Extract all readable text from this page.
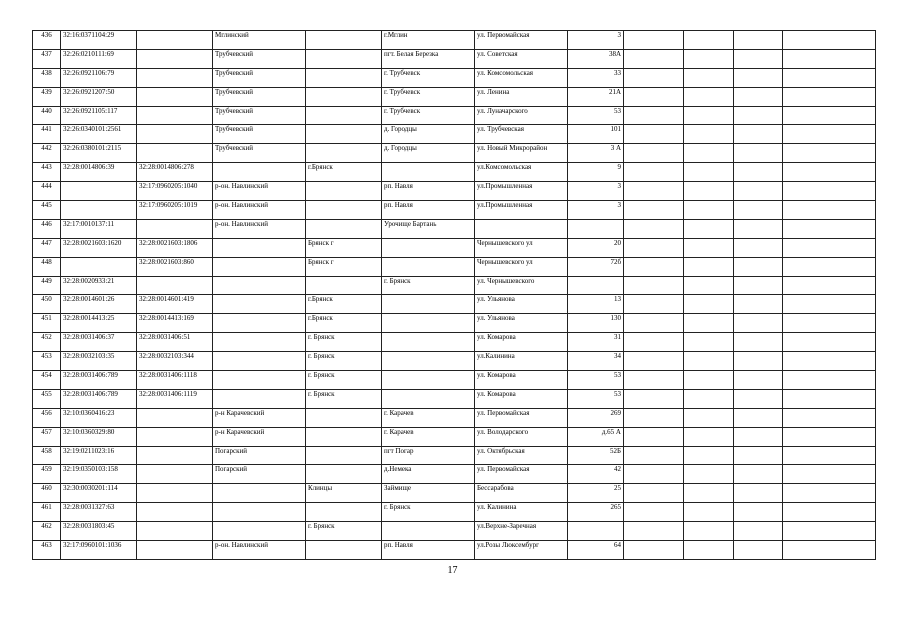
436	32:16:0371104:29		Мглинский		г.Мглин	ул. Первомайская	3				
437	32:26:0210111:69		Трубчевский		пгт. Белая Березка	ул. Советская	38А				
438	32:26:0921106:79		Трубчевский		г. Трубчевск	ул. Комсомольская	33				
439	32:26:0921207:50		Трубчевский		г. Трубчевск	ул. Ленина	21А				
440	32:26:0921105:117		Трубчевский		г. Трубчевск	ул. Луначарского	53				
441	32:26:0340101:2561		Трубчевский		д. Городцы	ул. Трубчевская	101				
442	32:26:0380101:2115		Трубчевский		д. Городцы	ул. Новый Микрорайон	3 А				
443	32:28:0014806:39	32:28:0014806:278		г.Брянск		ул.Комсомольская	9				
444		32:17:0960205:1040	р-он. Навлинский		рп. Навля	ул.Промышленная	3				
445		32:17:0960205:1019	р-он. Навлинский		рп. Навля	ул.Промышленная	3				
446	32:17:0010137:11		р-он. Навлинский		Урочище Бартань						
447	32:28:0021603:1620	32:28:0021603:1806		Брянск г		Чернышевского ул	20				
448		32:28:0021603:860		Брянск г		Чернышевского ул	72б				
449	32:28:0020933:21				г. Брянск	ул. Чернышевского					
450	32:28:0014601:26	32:28:0014601:419		г.Брянск		ул. Ульянова	13				
451	32:28:0014413:25	32:28:0014413:169		г.Брянск		ул. Ульянова	130				
452	32:28:0031406:37	32:28:0031406:51		г. Брянск		ул. Комарова	31				
453	32:28:0032103:35	32:28:0032103:344		г. Брянск		ул.Калинина	34				
454	32:28:0031406:789	32:28:0031406:1118		г. Брянск		ул. Комарова	53				
455	32:28:0031406:789	32:28:0031406:1119		г. Брянск		ул. Комарова	53				
456	32:10:0360416:23		р-н Карачевский		г. Карачев	ул. Первомайская	269				
457	32:10:0360329:80		р-н Карачевский		г. Карачев	ул. Володарского	д.65 А				
458	32:19:0211023:16		Погарский		пгт Погар	ул. Октябрьская	52Б				
459	32:19:0350103:158		Погарский		д.Немека	ул. Первомайская	42				
460	32:30:0030201:114			Клинцы	Займище	Бессарабова	25				
461	32:28:0031327:63				г. Брянск	ул. Калинина	265				
462	32:28:0031803:45			г. Брянск		ул.Верхне-Заречная					
463	32:17:0960101:1036		р-он. Навлинский		рп. Навля	ул.Розы Люксембург	64				
17
